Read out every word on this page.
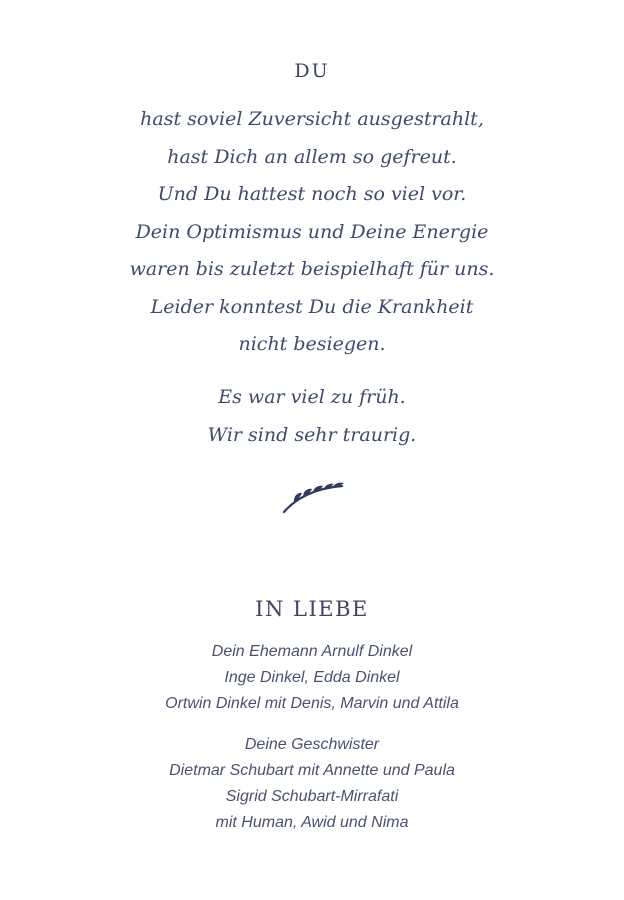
DU
hast soviel Zuversicht ausgestrahlt,
hast Dich an allem so gefreut.
Und Du hattest noch so viel vor.
Dein Optimismus und Deine Energie
waren bis zuletzt beispielhaft für uns.
Leider konntest Du die Krankheit
nicht besiegen.
Es war viel zu früh.
Wir sind sehr traurig.
IN LIEBE
Dein Ehemann Arnulf Dinkel
Inge Dinkel, Edda Dinkel
Ortwin Dinkel mit Denis, Marvin und Attila
Deine Geschwister
Dietmar Schubart mit Annette und Paula
Sigrid Schubart-Mirrafati
mit Human, Awid und Nima
